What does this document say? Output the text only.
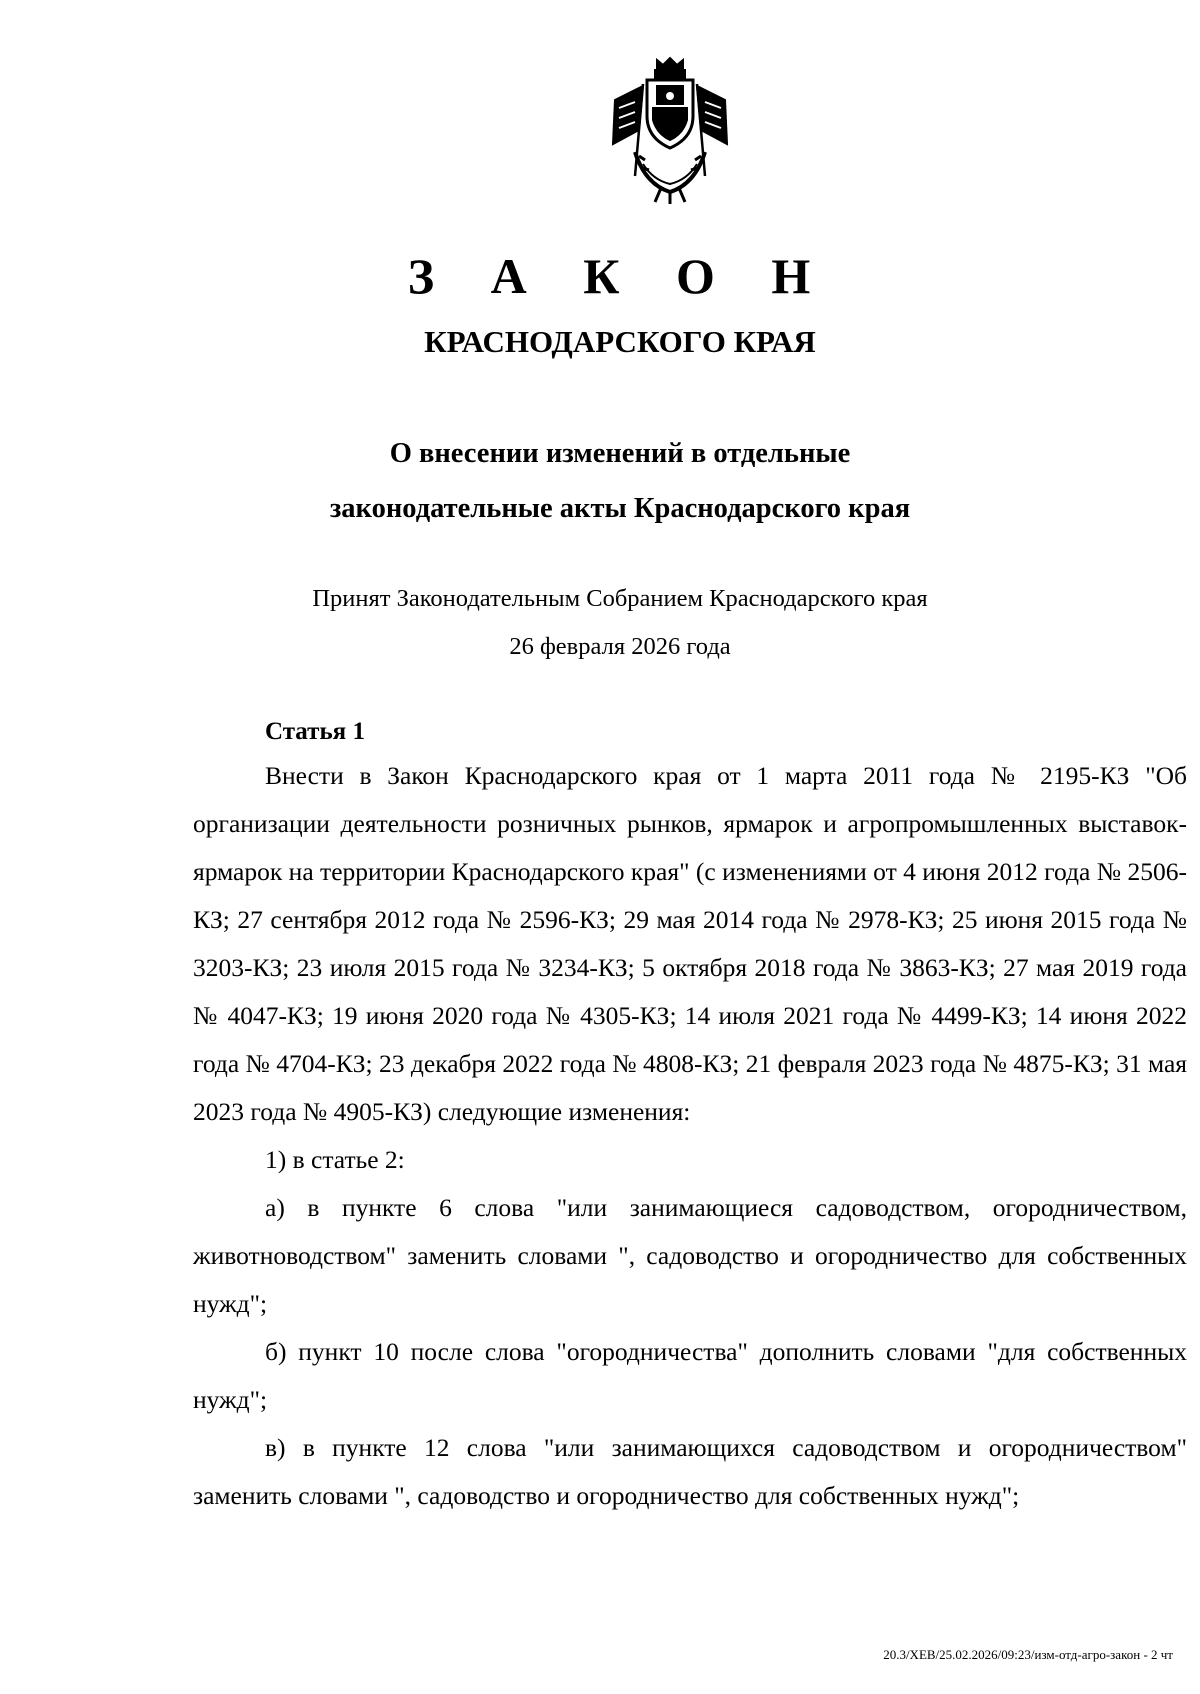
З А К О Н
КРАСНОДАРСКОГО КРАЯ
О внесении изменений в отдельные
законодательные акты Краснодарского края
Принят Законодательным Собранием Краснодарского края
26 февраля 2026 года
Статья 1

Внести в Закон Краснодарского края от 1 марта 2011 года № 2195-КЗ "Об организации деятельности розничных рынков, ярмарок и агропромышленных выставок-ярмарок на территории Краснодарского края" (с изменениями от 4 июня 2012 года № 2506-КЗ; 27 сентября 2012 года № 2596-КЗ; 29 мая 2014 года № 2978-КЗ; 25 июня 2015 года № 3203-КЗ; 23 июля 2015 года № 3234-КЗ; 5 октября 2018 года № 3863-КЗ; 27 мая 2019 года № 4047-КЗ; 19 июня 2020 года № 4305-КЗ; 14 июля 2021 года № 4499-КЗ; 14 июня 2022 года № 4704-КЗ; 23 декабря 2022 года № 4808-КЗ; 21 февраля 2023 года № 4875-КЗ; 31 мая 2023 года № 4905-КЗ) следующие изменения:

1) в статье 2:

а) в пункте 6 слова "или занимающиеся садоводством, огородничеством, животноводством" заменить словами ", садоводство и огородничество для собственных нужд";

б) пункт 10 после слова "огородничества" дополнить словами "для собственных нужд";

в) в пункте 12 слова "или занимающихся садоводством и огородничеством" заменить словами ", садоводство и огородничество для собственных нужд";

20.3/ХЕВ/25.02.2026/09:23/изм-отд-агро-закон - 2 чт
